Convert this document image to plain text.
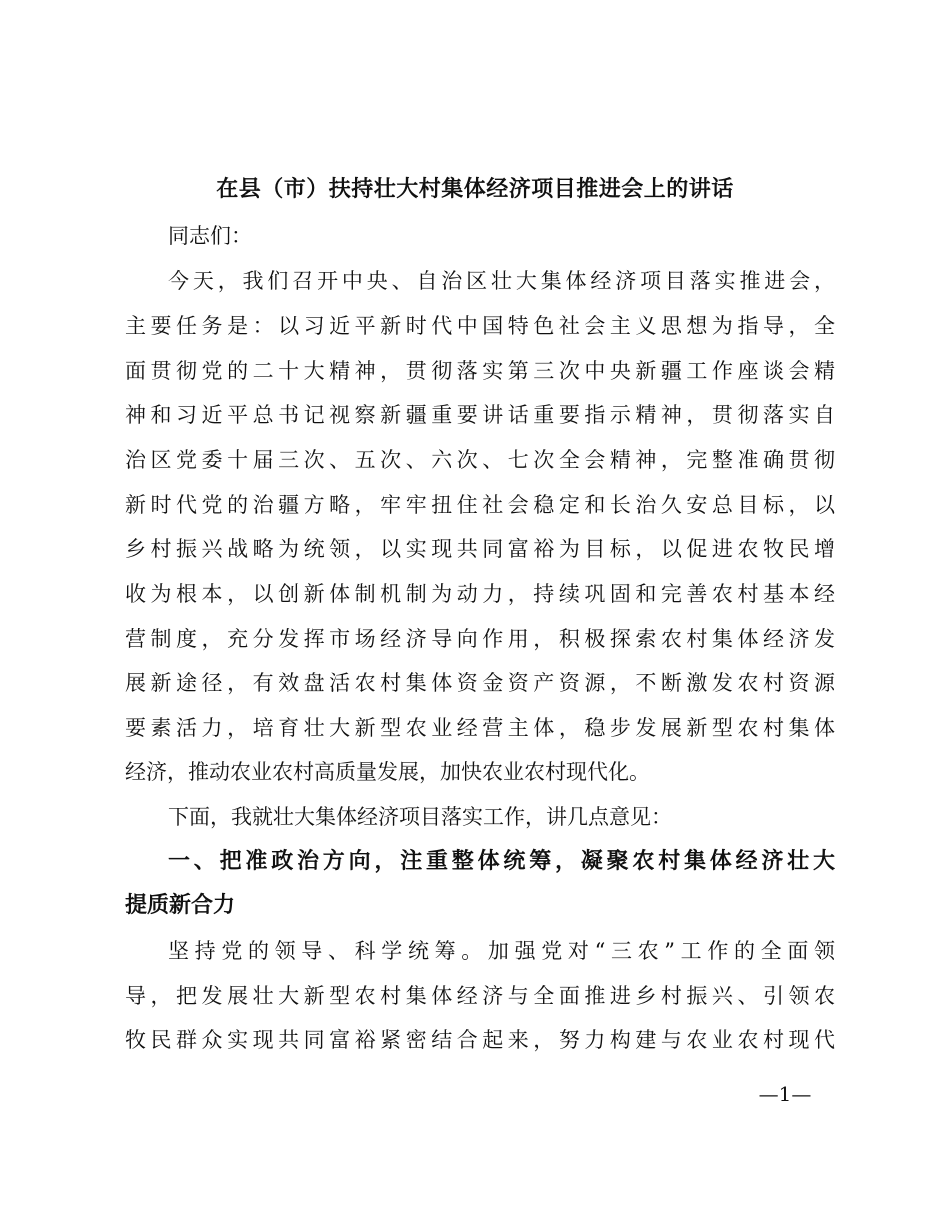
在县（市）扶持壮大村集体经济项目推进会上的讲话
同志们：
今天，我们召开中央、自治区壮大集体经济项目落实推进会，
主要任务是：以习近平新时代中国特色社会主义思想为指导，全
面贯彻党的二十大精神，贯彻落实第三次中央新疆工作座谈会精
神和习近平总书记视察新疆重要讲话重要指示精神，贯彻落实自
治区党委十届三次、五次、六次、七次全会精神，完整准确贯彻
新时代党的治疆方略，牢牢扭住社会稳定和长治久安总目标，以
乡村振兴战略为统领，以实现共同富裕为目标，以促进农牧民增
收为根本，以创新体制机制为动力，持续巩固和完善农村基本经
营制度，充分发挥市场经济导向作用，积极探索农村集体经济发
展新途径，有效盘活农村集体资金资产资源，不断激发农村资源
要素活力，培育壮大新型农业经营主体，稳步发展新型农村集体
经济，推动农业农村高质量发展，加快农业农村现代化。
下面，我就壮大集体经济项目落实工作，讲几点意见：
一、把准政治方向，注重整体统筹，凝聚农村集体经济壮大
提质新合力
坚持党的领导、科学统筹。加强党对“三农”工作的全面领
导，把发展壮大新型农村集体经济与全面推进乡村振兴、引领农
牧民群众实现共同富裕紧密结合起来，努力构建与农业农村现代
—1—
